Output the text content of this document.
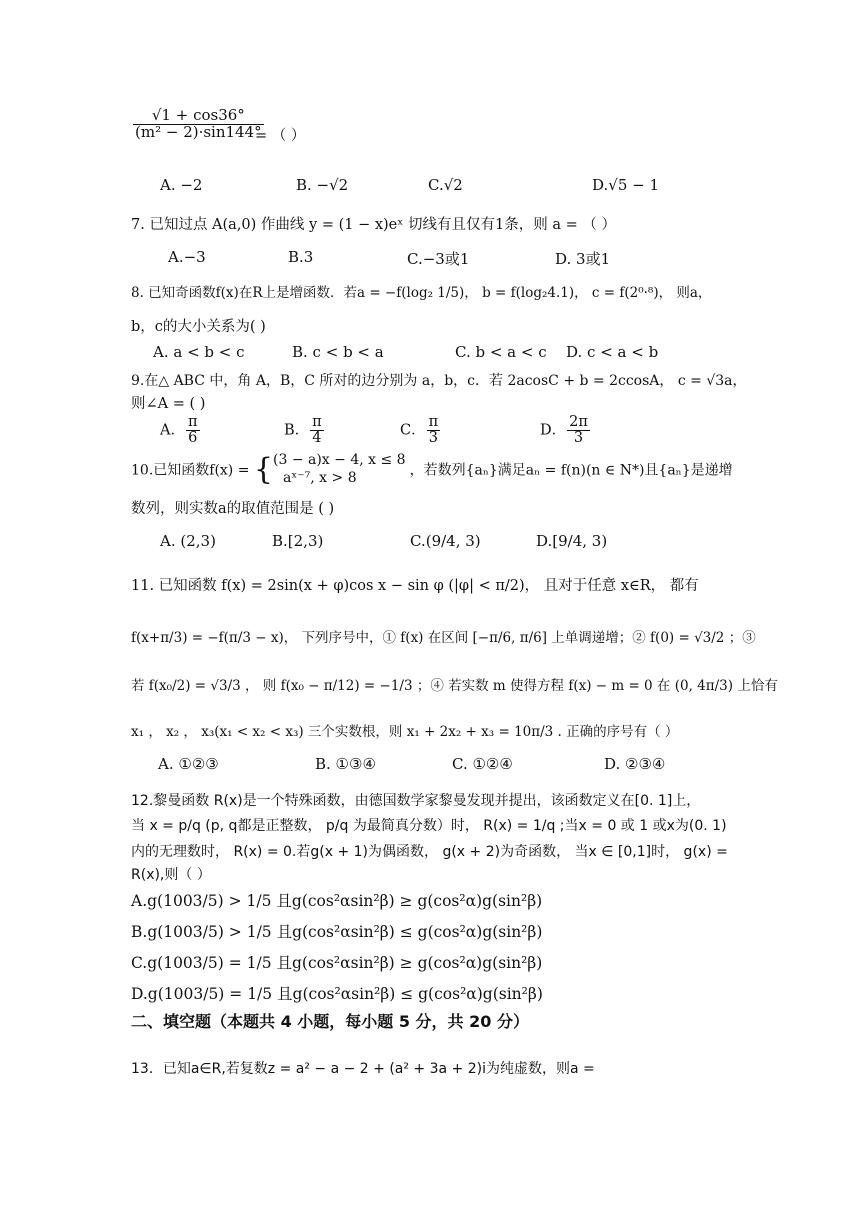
$\frac{√1 + \cos 36^\circ}{\text{(m² − 2)·sin144°}}$
= （ ）
A. −2	B. −√2	C.√2	D.√5 − 1
7. 已知过点 A(a,0) 作曲线 y = (1 − x)eˣ 切线有且仅有1条，则 a = （ ）
A.−3	B.3	C.−3或1	D. 3或1
8. 已知奇函数f(x)在R上是增函数．若a = −f(log₂ 1/5)， b = f(log₂4.1)， c = f(2⁰·⁸)， 则a，
b，c的大小关系为( )
A. a < b < c	B. c < b < a	C. b < a < c D. c < a < b
9.在△ ABC 中，角 A，B，C 所对的边分别为 a，b，c．若 2acosC + b = 2ccosA， c = √3a，
则∠A = ( )
A． $\frac{\pi}{6}$	B． $\frac{\pi}{4}$	C． $\frac{\pi}{3}$	D． $\frac{2\pi}{3}$
10.已知函数f(x) = { (3 − a)x − 4, x ≤ 8
aˣ⁻⁷, x > 8	，若数列{aₙ}满足aₙ = f(n)(n ∈ N*)且{aₙ}是递增
数列，则实数a的取值范围是 ( )
A. (2,3)	B.[2,3)	C.(9/4, 3)	D.[9/4, 3)
11. 已知函数 f(x) = 2sin(x + φ)cos x − sin φ (|φ| < π/2)， 且对于任意 x∈R， 都有
f(x+π/3) = −f(π/3 − x)， 下列序号中，① f(x) 在区间 [−π/6, π/6] 上单调递增；② f(0) = √3/2 ；③
若 f(x₀/2) = √3/3 ， 则 f(x₀ − π/12) = −1/3 ；④ 若实数 m 使得方程 f(x) − m = 0 在 (0, 4π/3) 上恰有
x₁ ， x₂ ， x₃(x₁ < x₂ < x₃) 三个实数根，则 x₁ + 2x₂ + x₃ = 10π/3 . 正确的序号有（ ）
A. ①②③	B. ①③④	C. ①②④	D. ②③④
12.黎曼函数 R(x)是一个特殊函数，由德国数学家黎曼发现并提出，该函数定义在[0. 1]上，
当 x = p/q (p, q都是正整数， p/q 为最简真分数）时， R(x) = 1/q ;当x = 0 或 1 或x为(0. 1)
内的无理数时， R(x) = 0.若g(x + 1)为偶函数， g(x + 2)为奇函数， 当x ∈ [0,1]时， g(x) =
R(x),则（ ）
A.g(1003/5) > 1/5 且g(cos²αsin²β) ≥ g(cos²α)g(sin²β)
B.g(1003/5) > 1/5 且g(cos²αsin²β) ≤ g(cos²α)g(sin²β)
C.g(1003/5) = 1/5 且g(cos²αsin²β) ≥ g(cos²α)g(sin²β)
D.g(1003/5) = 1/5 且g(cos²αsin²β) ≤ g(cos²α)g(sin²β)
二、填空题（本题共 4 小题，每小题 5 分，共 20 分）
13．已知a∈R,若复数z = a² − a − 2 + (a² + 3a + 2)i为纯虚数，则a =
